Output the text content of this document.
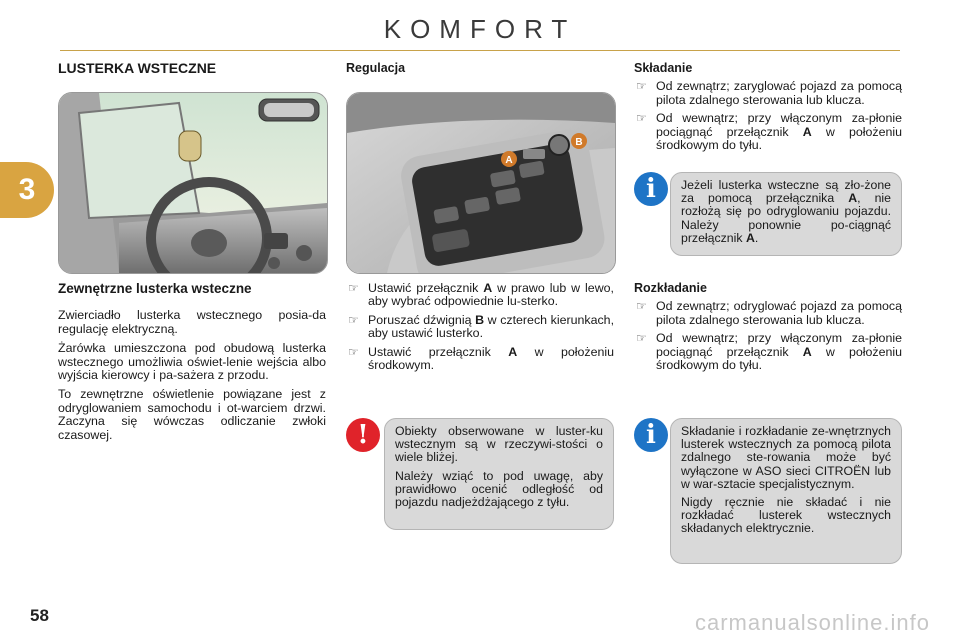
KOMFORT
3
58	carmanualsonline.info
LUSTERKA WSTECZNE
Zewnętrzne lusterka wsteczne

Zwierciadło lusterka wstecznego posia-da regulację elektryczną.

Żarówka umieszczona pod obudową lusterka wstecznego umożliwia oświet-lenie wejścia albo wyjścia kierowcy i pa-sażera z przodu.

To zewnętrzne oświetlenie powiązane jest z odryglowaniem samochodu i ot-warciem drzwi. Zaczyna się wówczas odliczanie zwłoki czasowej.

Regulacja
A
B
☞ Ustawić przełącznik A w prawo lub w lewo, aby wybrać odpowiednie lu-sterko.
☞ Poruszać dźwignią B w czterech kierunkach, aby ustawić lusterko.
☞ Ustawić przełącznik A w położeniu środkowym.
!	Obiekty obserwowane w luster-ku wstecznym są w rzeczywi-stości o wiele bliżej.

Należy wziąć to pod uwagę, aby prawidłowo ocenić odległość od pojazdu nadjeżdżającego z tyłu.

Składanie
☞ Od zewnątrz; zaryglować pojazd za pomocą pilota zdalnego sterowania lub klucza.
☞ Od wewnątrz; przy włączonym za-płonie pociągnąć przełącznik A w położeniu środkowym do tyłu.
i	Jeżeli lusterka wsteczne są zło-żone za pomocą przełącznika A, nie rozłożą się po odryglowaniu pojazdu. Należy ponownie po-ciągnąć przełącznik A.

Rozkładanie
☞ Od zewnątrz; odryglować pojazd za pomocą pilota zdalnego sterowania lub klucza.
☞ Od wewnątrz; przy włączonym za-płonie pociągnąć przełącznik A w położeniu środkowym do tyłu.
i	Składanie i rozkładanie ze-wnętrznych lusterek wstecznych za pomocą pilota zdalnego ste-rowania może być wyłączone w ASO sieci CITROËN lub w war-sztacie specjalistycznym.

Nigdy ręcznie nie składać i nie rozkładać lusterek wstecznych składanych elektrycznie.
